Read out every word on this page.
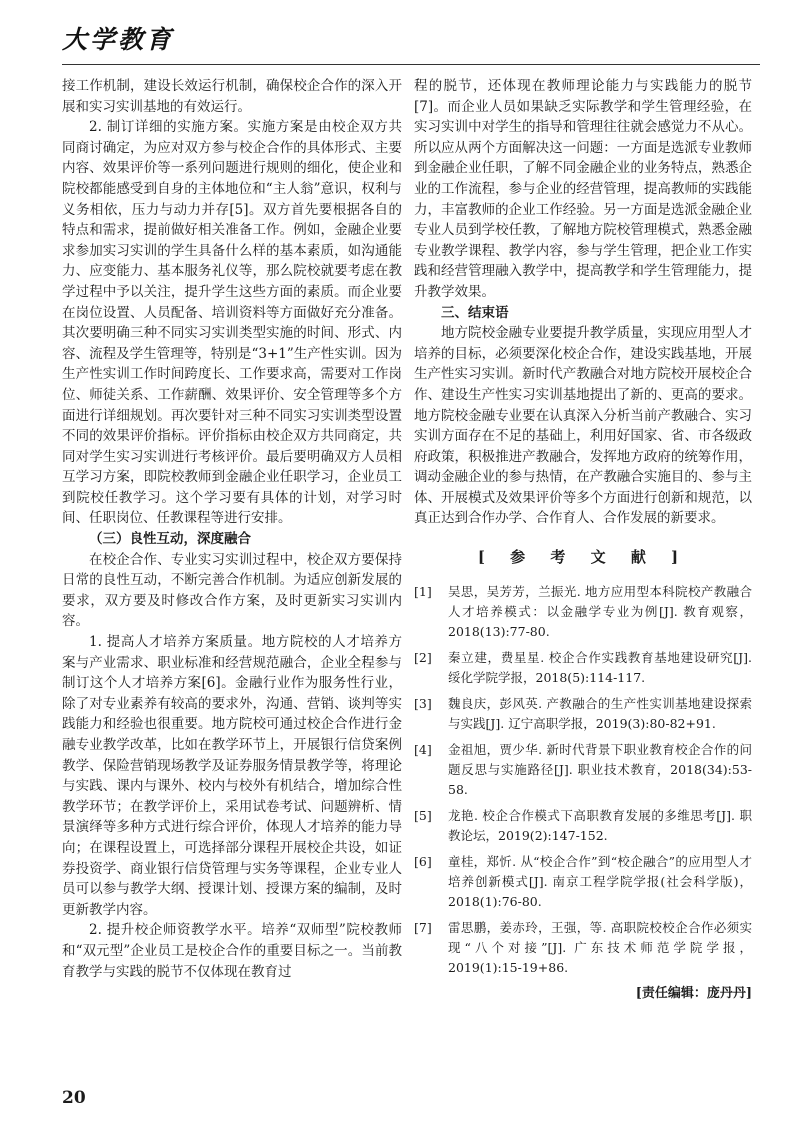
大学教育

接工作机制，建设长效运行机制，确保校企合作的深入开展和实习实训基地的有效运行。

2. 制订详细的实施方案。实施方案是由校企双方共同商讨确定，为应对双方参与校企合作的具体形式、主要内容、效果评价等一系列问题进行规则的细化，使企业和院校都能感受到自身的主体地位和“主人翁”意识，权利与义务相依，压力与动力并存[5]。双方首先要根据各自的特点和需求，提前做好相关准备工作。例如，金融企业要求参加实习实训的学生具备什么样的基本素质，如沟通能力、应变能力、基本服务礼仪等，那么院校就要考虑在教学过程中予以关注，提升学生这些方面的素质。而企业要在岗位设置、人员配备、培训资料等方面做好充分准备。其次要明确三种不同实习实训类型实施的时间、形式、内容、流程及学生管理等，特别是“3+1”生产性实训。因为生产性实训工作时间跨度长、工作要求高，需要对工作岗位、师徒关系、工作薪酬、效果评价、安全管理等多个方面进行详细规划。再次要针对三种不同实习实训类型设置不同的效果评价指标。评价指标由校企双方共同商定，共同对学生实习实训进行考核评价。最后要明确双方人员相互学习方案，即院校教师到金融企业任职学习，企业员工到院校任教学习。这个学习要有具体的计划，对学习时间、任职岗位、任教课程等进行安排。

（三）良性互动，深度融合

在校企合作、专业实习实训过程中，校企双方要保持日常的良性互动，不断完善合作机制。为适应创新发展的要求，双方要及时修改合作方案，及时更新实习实训内容。

1. 提高人才培养方案质量。地方院校的人才培养方案与产业需求、职业标准和经营规范融合，企业全程参与制订这个人才培养方案[6]。金融行业作为服务性行业，除了对专业素养有较高的要求外，沟通、营销、谈判等实践能力和经验也很重要。地方院校可通过校企合作进行金融专业教学改革，比如在教学环节上，开展银行信贷案例教学、保险营销现场教学及证券服务情景教学等，将理论与实践、课内与课外、校内与校外有机结合，增加综合性教学环节；在教学评价上，采用试卷考试、问题辨析、情景演绎等多种方式进行综合评价，体现人才培养的能力导向；在课程设置上，可选择部分课程开展校企共设，如证券投资学、商业银行信贷管理与实务等课程，企业专业人员可以参与教学大纲、授课计划、授课方案的编制，及时更新教学内容。

2. 提升校企师资教学水平。培养“双师型”院校教师和“双元型”企业员工是校企合作的重要目标之一。当前教育教学与实践的脱节不仅体现在教育过

程的脱节，还体现在教师理论能力与实践能力的脱节[7]。而企业人员如果缺乏实际教学和学生管理经验，在实习实训中对学生的指导和管理往往就会感觉力不从心。所以应从两个方面解决这一问题：一方面是选派专业教师到金融企业任职，了解不同金融企业的业务特点，熟悉企业的工作流程，参与企业的经营管理，提高教师的实践能力，丰富教师的企业工作经验。另一方面是选派金融企业专业人员到学校任教，了解地方院校管理模式，熟悉金融专业教学课程、教学内容，参与学生管理，把企业工作实践和经营管理融入教学中，提高教学和学生管理能力，提升教学效果。

三、结束语

地方院校金融专业要提升教学质量，实现应用型人才培养的目标，必须要深化校企合作，建设实践基地，开展生产性实习实训。新时代产教融合对地方院校开展校企合作、建设生产性实习实训基地提出了新的、更高的要求。地方院校金融专业要在认真深入分析当前产教融合、实习实训方面存在不足的基础上，利用好国家、省、市各级政府政策，积极推进产教融合，发挥地方政府的统筹作用，调动金融企业的参与热情，在产教融合实施目的、参与主体、开展模式及效果评价等多个方面进行创新和规范，以真正达到合作办学、合作育人、合作发展的新要求。

[ 参 考 文 献 ]
[1]	吴思，吴芳芳，兰振光. 地方应用型本科院校产教融合人才培养模式：以金融学专业为例[J]. 教育观察，2018(13):77-80.
[2]	秦立建，费星星. 校企合作实践教育基地建设研究[J]. 绥化学院学报，2018(5):114-117.
[3]	魏良庆，彭风英. 产教融合的生产性实训基地建设探索与实践[J]. 辽宁高职学报，2019(3):80-82+91.
[4]	金祖旭，贾少华. 新时代背景下职业教育校企合作的问题反思与实施路径[J]. 职业技术教育，2018(34):53-58.
[5]	龙艳. 校企合作模式下高职教育发展的多维思考[J]. 职教论坛，2019(2):147-152.
[6]	童桂，郑忻. 从“校企合作”到“校企融合”的应用型人才培养创新模式[J]. 南京工程学院学报(社会科学版)，2018(1):76-80.
[7]	雷思鹏，姜赤玲，王强，等. 高职院校校企合作必须实现“八个对接”[J]. 广东技术师范学院学报，2019(1):15-19+86.
[责任编辑：庞丹丹]
20
